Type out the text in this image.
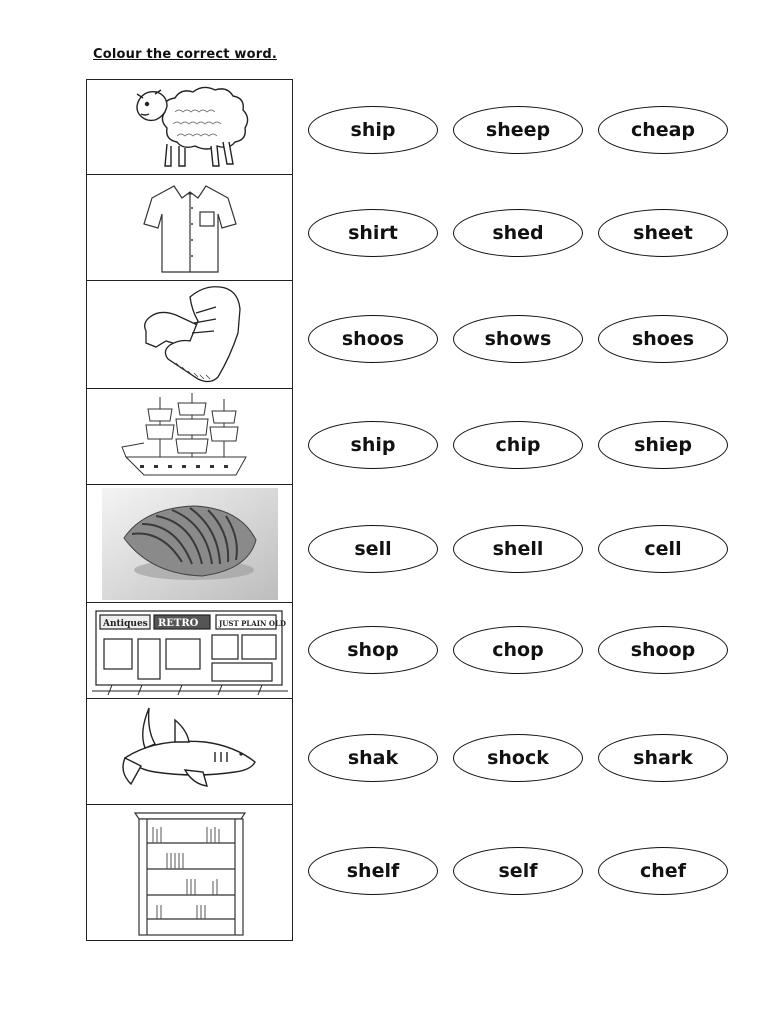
Colour the correct word.
Antiques RETRO	JUST PLAIN OLD
ship	sheep	cheap
shirt	shed	sheet
shoos	shows	shoes
ship	chip	shiep
sell	shell	cell
shop	chop	shoop
shak	shock	shark
shelf	self	chef
